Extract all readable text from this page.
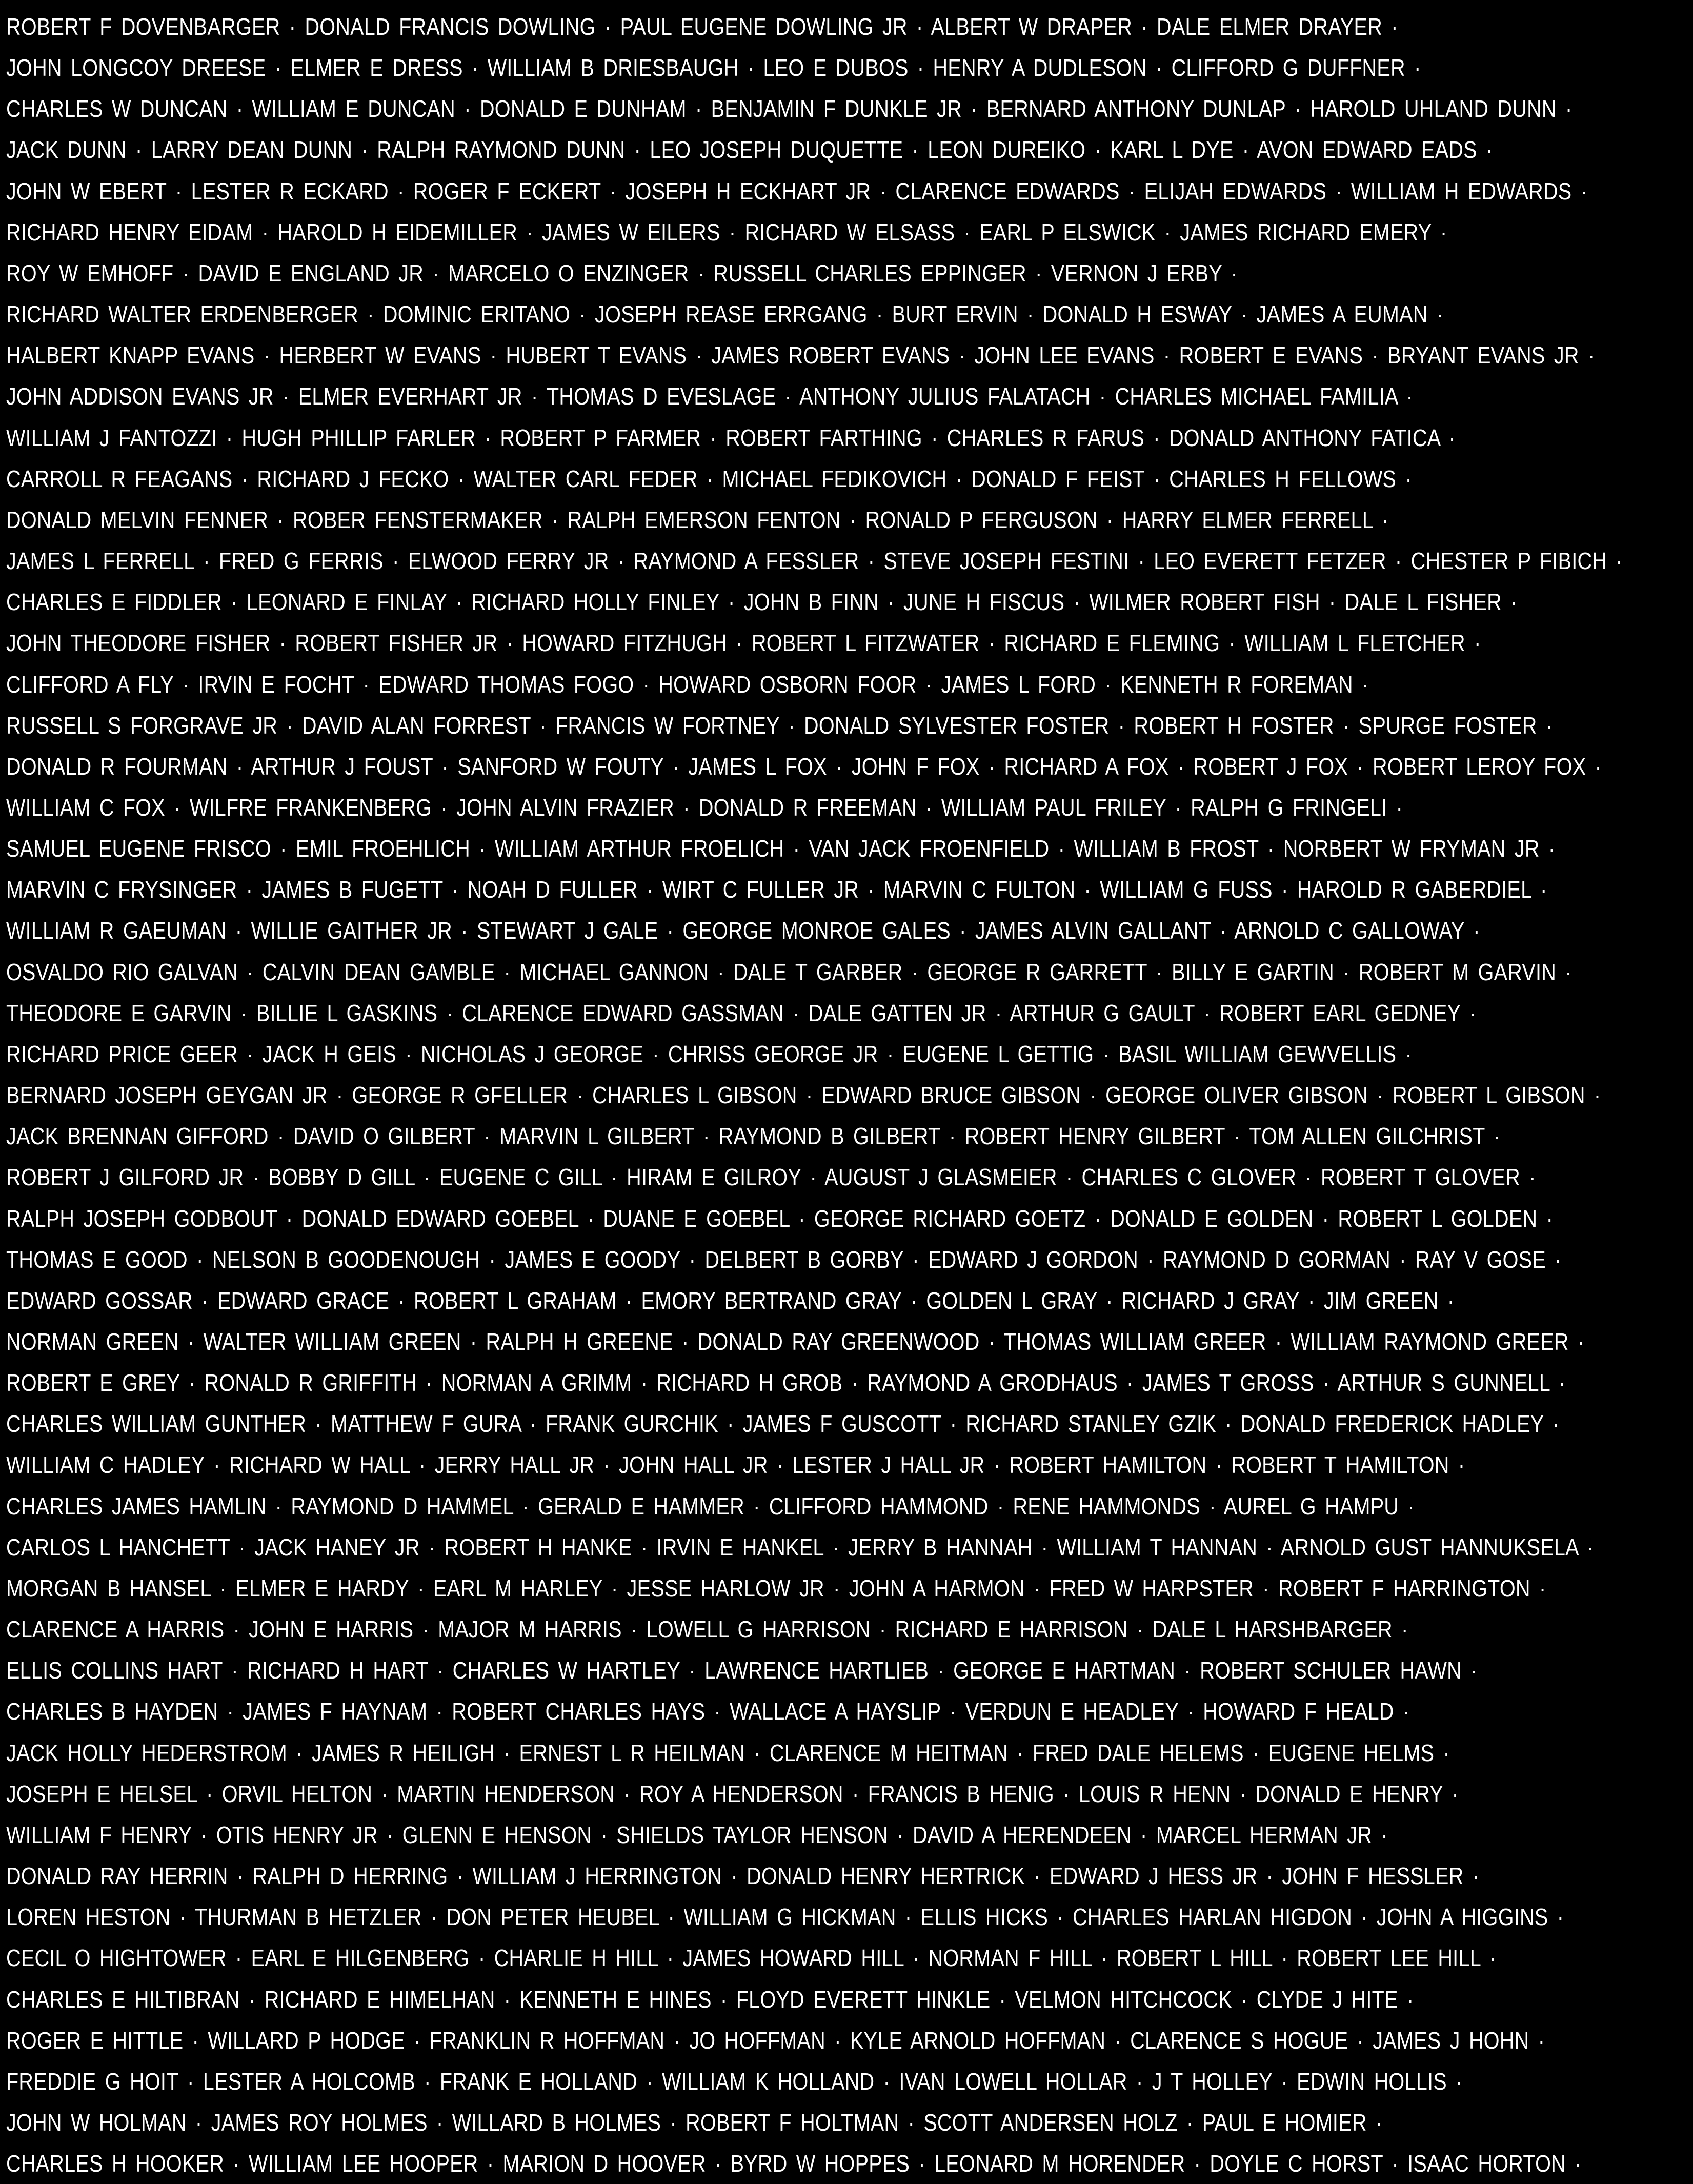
ROBERT F DOVENBARGER · DONALD FRANCIS DOWLING · PAUL EUGENE DOWLING JR · ALBERT W DRAPER · DALE ELMER DRAYER ·
JOHN LONGCOY DREESE · ELMER E DRESS · WILLIAM B DRIESBAUGH · LEO E DUBOS · HENRY A DUDLESON · CLIFFORD G DUFFNER ·
CHARLES W DUNCAN · WILLIAM E DUNCAN · DONALD E DUNHAM · BENJAMIN F DUNKLE JR · BERNARD ANTHONY DUNLAP · HAROLD UHLAND DUNN ·
JACK DUNN · LARRY DEAN DUNN · RALPH RAYMOND DUNN · LEO JOSEPH DUQUETTE · LEON DUREIKO · KARL L DYE · AVON EDWARD EADS ·
JOHN W EBERT · LESTER R ECKARD · ROGER F ECKERT · JOSEPH H ECKHART JR · CLARENCE EDWARDS · ELIJAH EDWARDS · WILLIAM H EDWARDS ·
RICHARD HENRY EIDAM · HAROLD H EIDEMILLER · JAMES W EILERS · RICHARD W ELSASS · EARL P ELSWICK · JAMES RICHARD EMERY ·
ROY W EMHOFF · DAVID E ENGLAND JR · MARCELO O ENZINGER · RUSSELL CHARLES EPPINGER · VERNON J ERBY ·
RICHARD WALTER ERDENBERGER · DOMINIC ERITANO · JOSEPH REASE ERRGANG · BURT ERVIN · DONALD H ESWAY · JAMES A EUMAN ·
HALBERT KNAPP EVANS · HERBERT W EVANS · HUBERT T EVANS · JAMES ROBERT EVANS · JOHN LEE EVANS · ROBERT E EVANS · BRYANT EVANS JR ·
JOHN ADDISON EVANS JR · ELMER EVERHART JR · THOMAS D EVESLAGE · ANTHONY JULIUS FALATACH · CHARLES MICHAEL FAMILIA ·
WILLIAM J FANTOZZI · HUGH PHILLIP FARLER · ROBERT P FARMER · ROBERT FARTHING · CHARLES R FARUS · DONALD ANTHONY FATICA ·
CARROLL R FEAGANS · RICHARD J FECKO · WALTER CARL FEDER · MICHAEL FEDIKOVICH · DONALD F FEIST · CHARLES H FELLOWS ·
DONALD MELVIN FENNER · ROBER FENSTERMAKER · RALPH EMERSON FENTON · RONALD P FERGUSON · HARRY ELMER FERRELL ·
JAMES L FERRELL · FRED G FERRIS · ELWOOD FERRY JR · RAYMOND A FESSLER · STEVE JOSEPH FESTINI · LEO EVERETT FETZER · CHESTER P FIBICH ·
CHARLES E FIDDLER · LEONARD E FINLAY · RICHARD HOLLY FINLEY · JOHN B FINN · JUNE H FISCUS · WILMER ROBERT FISH · DALE L FISHER ·
JOHN THEODORE FISHER · ROBERT FISHER JR · HOWARD FITZHUGH · ROBERT L FITZWATER · RICHARD E FLEMING · WILLIAM L FLETCHER ·
CLIFFORD A FLY · IRVIN E FOCHT · EDWARD THOMAS FOGO · HOWARD OSBORN FOOR · JAMES L FORD · KENNETH R FOREMAN ·
RUSSELL S FORGRAVE JR · DAVID ALAN FORREST · FRANCIS W FORTNEY · DONALD SYLVESTER FOSTER · ROBERT H FOSTER · SPURGE FOSTER ·
DONALD R FOURMAN · ARTHUR J FOUST · SANFORD W FOUTY · JAMES L FOX · JOHN F FOX · RICHARD A FOX · ROBERT J FOX · ROBERT LEROY FOX ·
WILLIAM C FOX · WILFRE FRANKENBERG · JOHN ALVIN FRAZIER · DONALD R FREEMAN · WILLIAM PAUL FRILEY · RALPH G FRINGELI ·
SAMUEL EUGENE FRISCO · EMIL FROEHLICH · WILLIAM ARTHUR FROELICH · VAN JACK FROENFIELD · WILLIAM B FROST · NORBERT W FRYMAN JR ·
MARVIN C FRYSINGER · JAMES B FUGETT · NOAH D FULLER · WIRT C FULLER JR · MARVIN C FULTON · WILLIAM G FUSS · HAROLD R GABERDIEL ·
WILLIAM R GAEUMAN · WILLIE GAITHER JR · STEWART J GALE · GEORGE MONROE GALES · JAMES ALVIN GALLANT · ARNOLD C GALLOWAY ·
OSVALDO RIO GALVAN · CALVIN DEAN GAMBLE · MICHAEL GANNON · DALE T GARBER · GEORGE R GARRETT · BILLY E GARTIN · ROBERT M GARVIN ·
THEODORE E GARVIN · BILLIE L GASKINS · CLARENCE EDWARD GASSMAN · DALE GATTEN JR · ARTHUR G GAULT · ROBERT EARL GEDNEY ·
RICHARD PRICE GEER · JACK H GEIS · NICHOLAS J GEORGE · CHRISS GEORGE JR · EUGENE L GETTIG · BASIL WILLIAM GEWVELLIS ·
BERNARD JOSEPH GEYGAN JR · GEORGE R GFELLER · CHARLES L GIBSON · EDWARD BRUCE GIBSON · GEORGE OLIVER GIBSON · ROBERT L GIBSON ·
JACK BRENNAN GIFFORD · DAVID O GILBERT · MARVIN L GILBERT · RAYMOND B GILBERT · ROBERT HENRY GILBERT · TOM ALLEN GILCHRIST ·
ROBERT J GILFORD JR · BOBBY D GILL · EUGENE C GILL · HIRAM E GILROY · AUGUST J GLASMEIER · CHARLES C GLOVER · ROBERT T GLOVER ·
RALPH JOSEPH GODBOUT · DONALD EDWARD GOEBEL · DUANE E GOEBEL · GEORGE RICHARD GOETZ · DONALD E GOLDEN · ROBERT L GOLDEN ·
THOMAS E GOOD · NELSON B GOODENOUGH · JAMES E GOODY · DELBERT B GORBY · EDWARD J GORDON · RAYMOND D GORMAN · RAY V GOSE ·
EDWARD GOSSAR · EDWARD GRACE · ROBERT L GRAHAM · EMORY BERTRAND GRAY · GOLDEN L GRAY · RICHARD J GRAY · JIM GREEN ·
NORMAN GREEN · WALTER WILLIAM GREEN · RALPH H GREENE · DONALD RAY GREENWOOD · THOMAS WILLIAM GREER · WILLIAM RAYMOND GREER ·
ROBERT E GREY · RONALD R GRIFFITH · NORMAN A GRIMM · RICHARD H GROB · RAYMOND A GRODHAUS · JAMES T GROSS · ARTHUR S GUNNELL ·
CHARLES WILLIAM GUNTHER · MATTHEW F GURA · FRANK GURCHIK · JAMES F GUSCOTT · RICHARD STANLEY GZIK · DONALD FREDERICK HADLEY ·
WILLIAM C HADLEY · RICHARD W HALL · JERRY HALL JR · JOHN HALL JR · LESTER J HALL JR · ROBERT HAMILTON · ROBERT T HAMILTON ·
CHARLES JAMES HAMLIN · RAYMOND D HAMMEL · GERALD E HAMMER · CLIFFORD HAMMOND · RENE HAMMONDS · AUREL G HAMPU ·
CARLOS L HANCHETT · JACK HANEY JR · ROBERT H HANKE · IRVIN E HANKEL · JERRY B HANNAH · WILLIAM T HANNAN · ARNOLD GUST HANNUKSELA ·
MORGAN B HANSEL · ELMER E HARDY · EARL M HARLEY · JESSE HARLOW JR · JOHN A HARMON · FRED W HARPSTER · ROBERT F HARRINGTON ·
CLARENCE A HARRIS · JOHN E HARRIS · MAJOR M HARRIS · LOWELL G HARRISON · RICHARD E HARRISON · DALE L HARSHBARGER ·
ELLIS COLLINS HART · RICHARD H HART · CHARLES W HARTLEY · LAWRENCE HARTLIEB · GEORGE E HARTMAN · ROBERT SCHULER HAWN ·
CHARLES B HAYDEN · JAMES F HAYNAM · ROBERT CHARLES HAYS · WALLACE A HAYSLIP · VERDUN E HEADLEY · HOWARD F HEALD ·
JACK HOLLY HEDERSTROM · JAMES R HEILIGH · ERNEST L R HEILMAN · CLARENCE M HEITMAN · FRED DALE HELEMS · EUGENE HELMS ·
JOSEPH E HELSEL · ORVIL HELTON · MARTIN HENDERSON · ROY A HENDERSON · FRANCIS B HENIG · LOUIS R HENN · DONALD E HENRY ·
WILLIAM F HENRY · OTIS HENRY JR · GLENN E HENSON · SHIELDS TAYLOR HENSON · DAVID A HERENDEEN · MARCEL HERMAN JR ·
DONALD RAY HERRIN · RALPH D HERRING · WILLIAM J HERRINGTON · DONALD HENRY HERTRICK · EDWARD J HESS JR · JOHN F HESSLER ·
LOREN HESTON · THURMAN B HETZLER · DON PETER HEUBEL · WILLIAM G HICKMAN · ELLIS HICKS · CHARLES HARLAN HIGDON · JOHN A HIGGINS ·
CECIL O HIGHTOWER · EARL E HILGENBERG · CHARLIE H HILL · JAMES HOWARD HILL · NORMAN F HILL · ROBERT L HILL · ROBERT LEE HILL ·
CHARLES E HILTIBRAN · RICHARD E HIMELHAN · KENNETH E HINES · FLOYD EVERETT HINKLE · VELMON HITCHCOCK · CLYDE J HITE ·
ROGER E HITTLE · WILLARD P HODGE · FRANKLIN R HOFFMAN · JO HOFFMAN · KYLE ARNOLD HOFFMAN · CLARENCE S HOGUE · JAMES J HOHN ·
FREDDIE G HOIT · LESTER A HOLCOMB · FRANK E HOLLAND · WILLIAM K HOLLAND · IVAN LOWELL HOLLAR · J T HOLLEY · EDWIN HOLLIS ·
JOHN W HOLMAN · JAMES ROY HOLMES · WILLARD B HOLMES · ROBERT F HOLTMAN · SCOTT ANDERSEN HOLZ · PAUL E HOMIER ·
CHARLES H HOOKER · WILLIAM LEE HOOPER · MARION D HOOVER · BYRD W HOPPES · LEONARD M HORENDER · DOYLE C HORST · ISAAC HORTON ·
